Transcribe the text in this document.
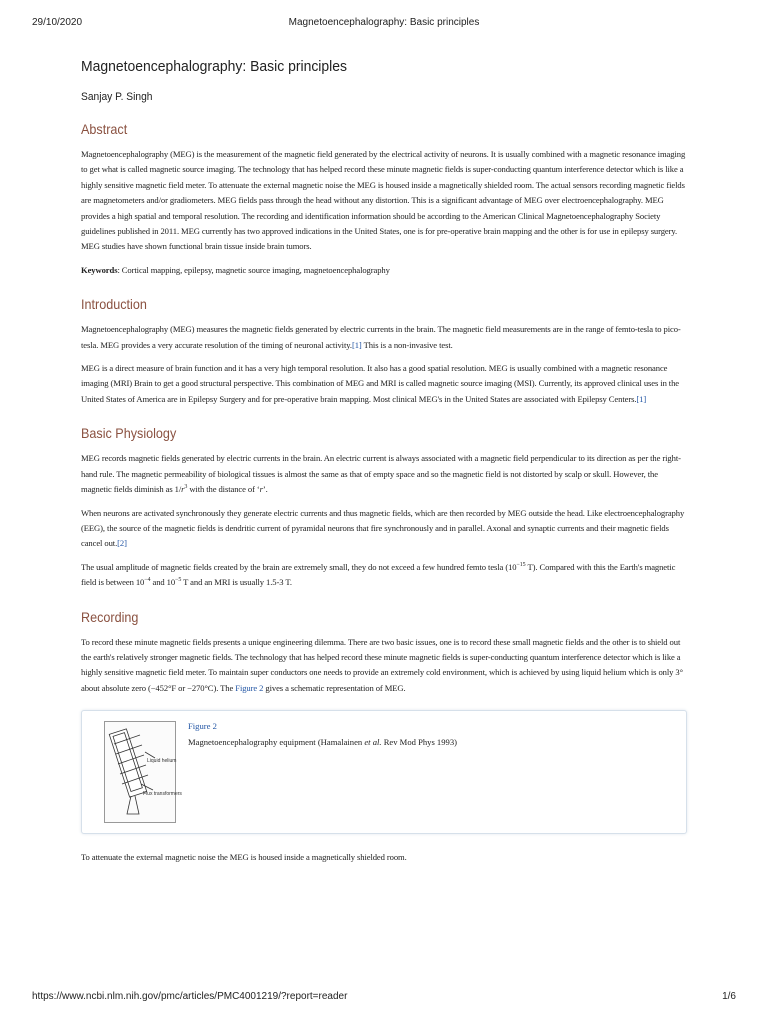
29/10/2020	Magnetoencephalography: Basic principles
Magnetoencephalography: Basic principles
Sanjay P. Singh
Abstract

Magnetoencephalography (MEG) is the measurement of the magnetic field generated by the electrical activity of neurons. It is usually combined with a magnetic resonance imaging to get what is called magnetic source imaging. The technology that has helped record these minute magnetic fields is super-conducting quantum interference detector which is like a highly sensitive magnetic field meter. To attenuate the external magnetic noise the MEG is housed inside a magnetically shielded room. The actual sensors recording magnetic fields are magnetometers and/or gradiometers. MEG fields pass through the head without any distortion. This is a significant advantage of MEG over electroencephalography. MEG provides a high spatial and temporal resolution. The recording and identification information should be according to the American Clinical Magnetoencephalography Society guidelines published in 2011. MEG currently has two approved indications in the United States, one is for pre-operative brain mapping and the other is for use in epilepsy surgery. MEG studies have shown functional brain tissue inside brain tumors.

Keywords: Cortical mapping, epilepsy, magnetic source imaging, magnetoencephalography

Introduction

Magnetoencephalography (MEG) measures the magnetic fields generated by electric currents in the brain. The magnetic field measurements are in the range of femto-tesla to pico-tesla. MEG provides a very accurate resolution of the timing of neuronal activity.[1] This is a non-invasive test.

MEG is a direct measure of brain function and it has a very high temporal resolution. It also has a good spatial resolution. MEG is usually combined with a magnetic resonance imaging (MRI) Brain to get a good structural perspective. This combination of MEG and MRI is called magnetic source imaging (MSI). Currently, its approved clinical uses in the United States of America are in Epilepsy Surgery and for pre-operative brain mapping. Most clinical MEG's in the United States are associated with Epilepsy Centers.[1]

Basic Physiology

MEG records magnetic fields generated by electric currents in the brain. An electric current is always associated with a magnetic field perpendicular to its direction as per the right-hand rule. The magnetic permeability of biological tissues is almost the same as that of empty space and so the magnetic field is not distorted by scalp or skull. However, the magnetic fields diminish as $1/r^3$ with the distance of ‘r’.

When neurons are activated synchronously they generate electric currents and thus magnetic fields, which are then recorded by MEG outside the head. Like electroencephalography (EEG), the source of the magnetic fields is dendritic current of pyramidal neurons that fire synchronously and in parallel. Axonal and synaptic currents and their magnetic fields cancel out.[2]

The usual amplitude of magnetic fields created by the brain are extremely small, they do not exceed a few hundred femto tesla ($10^{-15}$ T). Compared with this the Earth's magnetic field is between $10^{-4}$ and $10^{-5}$ T and an MRI is usually 1.5-3 T.

Recording

To record these minute magnetic fields presents a unique engineering dilemma. There are two basic issues, one is to record these small magnetic fields and the other is to shield out the earth's relatively stronger magnetic fields. The technology that has helped record these minute magnetic fields is super-conducting quantum interference detector which is like a highly sensitive magnetic field meter. To maintain super conductors one needs to provide an extremely cold environment, which is achieved by using liquid helium which is only 3° about absolute zero (−452°F or −270°C). The Figure 2 gives a schematic representation of MEG.

Liquid helium
Flux transformers
Figure 2
Magnetoencephalography equipment (Hamalainen et al. Rev Mod Phys 1993)

To attenuate the external magnetic noise the MEG is housed inside a magnetically shielded room.

https://www.ncbi.nlm.nih.gov/pmc/articles/PMC4001219/?report=reader	1/6
